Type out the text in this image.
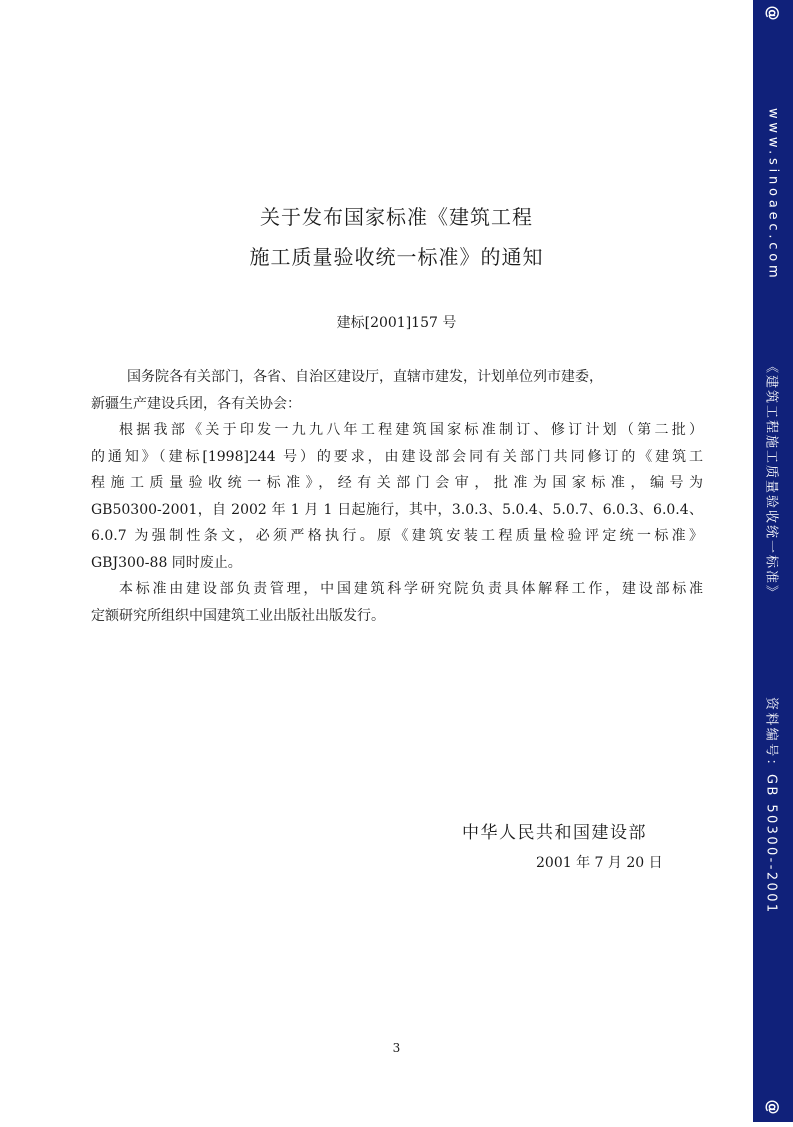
关于发布国家标准《建筑工程
施工质量验收统一标准》的通知
建标[2001]157 号
国务院各有关部门，各省、自治区建设厅，直辖市建发，计划单位列市建委，
新疆生产建设兵团，各有关协会：
根据我部《关于印发一九九八年工程建筑国家标准制订、修订计划（第二批）
的通知》（建标[1998]244 号）的要求，由建设部会同有关部门共同修订的《建筑工
程施工质量验收统一标准》，经有关部门会审，批准为国家标准，编号为
GB50300-2001，自 2002 年 1 月 1 日起施行，其中，3.0.3、5.0.4、5.0.7、6.0.3、6.0.4、
6.0.7 为强制性条文，必须严格执行。原《建筑安装工程质量检验评定统一标准》
GBJ300-88 同时废止。
本标准由建设部负责管理，中国建筑科学研究院负责具体解释工作，建设部标准
定额研究所组织中国建筑工业出版社出版发行。
中华人民共和国建设部
2001 年 7 月 20 日
3
@
www.sinoaec.com
《建筑工程施工质量验收统一标准》
资料编号：GB 50300--2001
@
